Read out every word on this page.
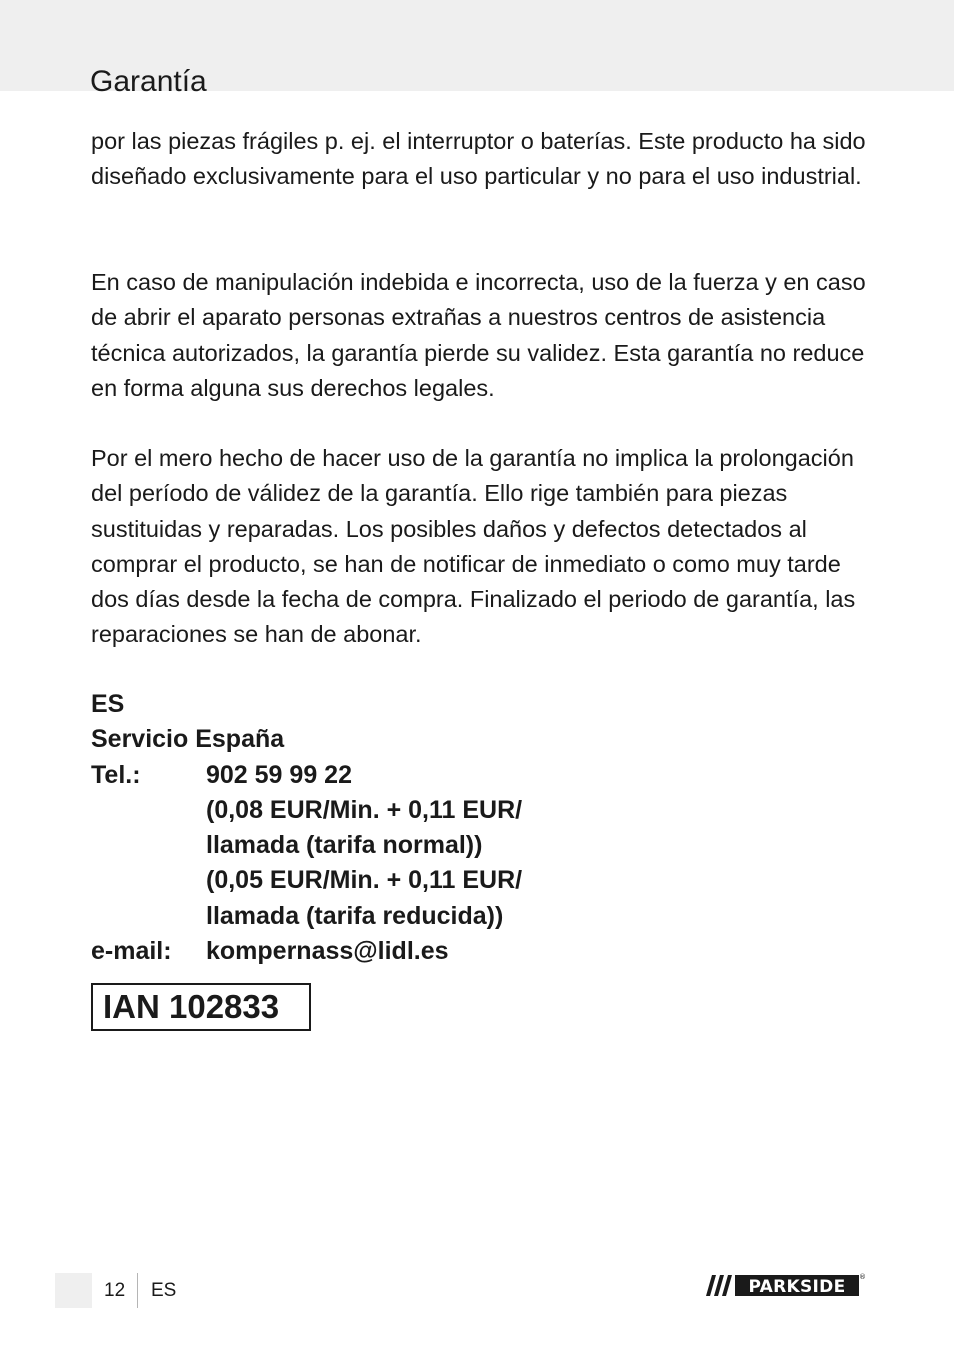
Garantía

por las piezas frágiles p. ej. el interruptor o baterías. Este producto ha sido diseñado exclusivamente para el uso particular y no para el uso industrial.

En caso de manipulación indebida e incorrecta, uso de la fuerza y en caso de abrir el aparato personas extrañas a nuestros centros de asistencia técnica autorizados, la garantía pierde su validez. Esta garantía no reduce en forma alguna sus derechos legales.

Por el mero hecho de hacer uso de la garantía no implica la prolongación del período de válidez de la garantía. Ello rige también para piezas sustituidas y reparadas. Los posibles daños y defectos detectados al comprar el producto, se han de notificar de inmediato o como muy tarde dos días desde la fecha de compra. Finalizado el periodo de garantía, las reparaciones se han de abonar.

ES
Servicio España
Tel.:	902 59 99 22
(0,08 EUR/Min. + 0,11 EUR/
llamada (tarifa normal))
(0,05 EUR/Min. + 0,11 EUR/
llamada (tarifa reducida))
e-mail:	kompernass@lidl.es
IAN 102833
12 ES	PARKSIDE ®
